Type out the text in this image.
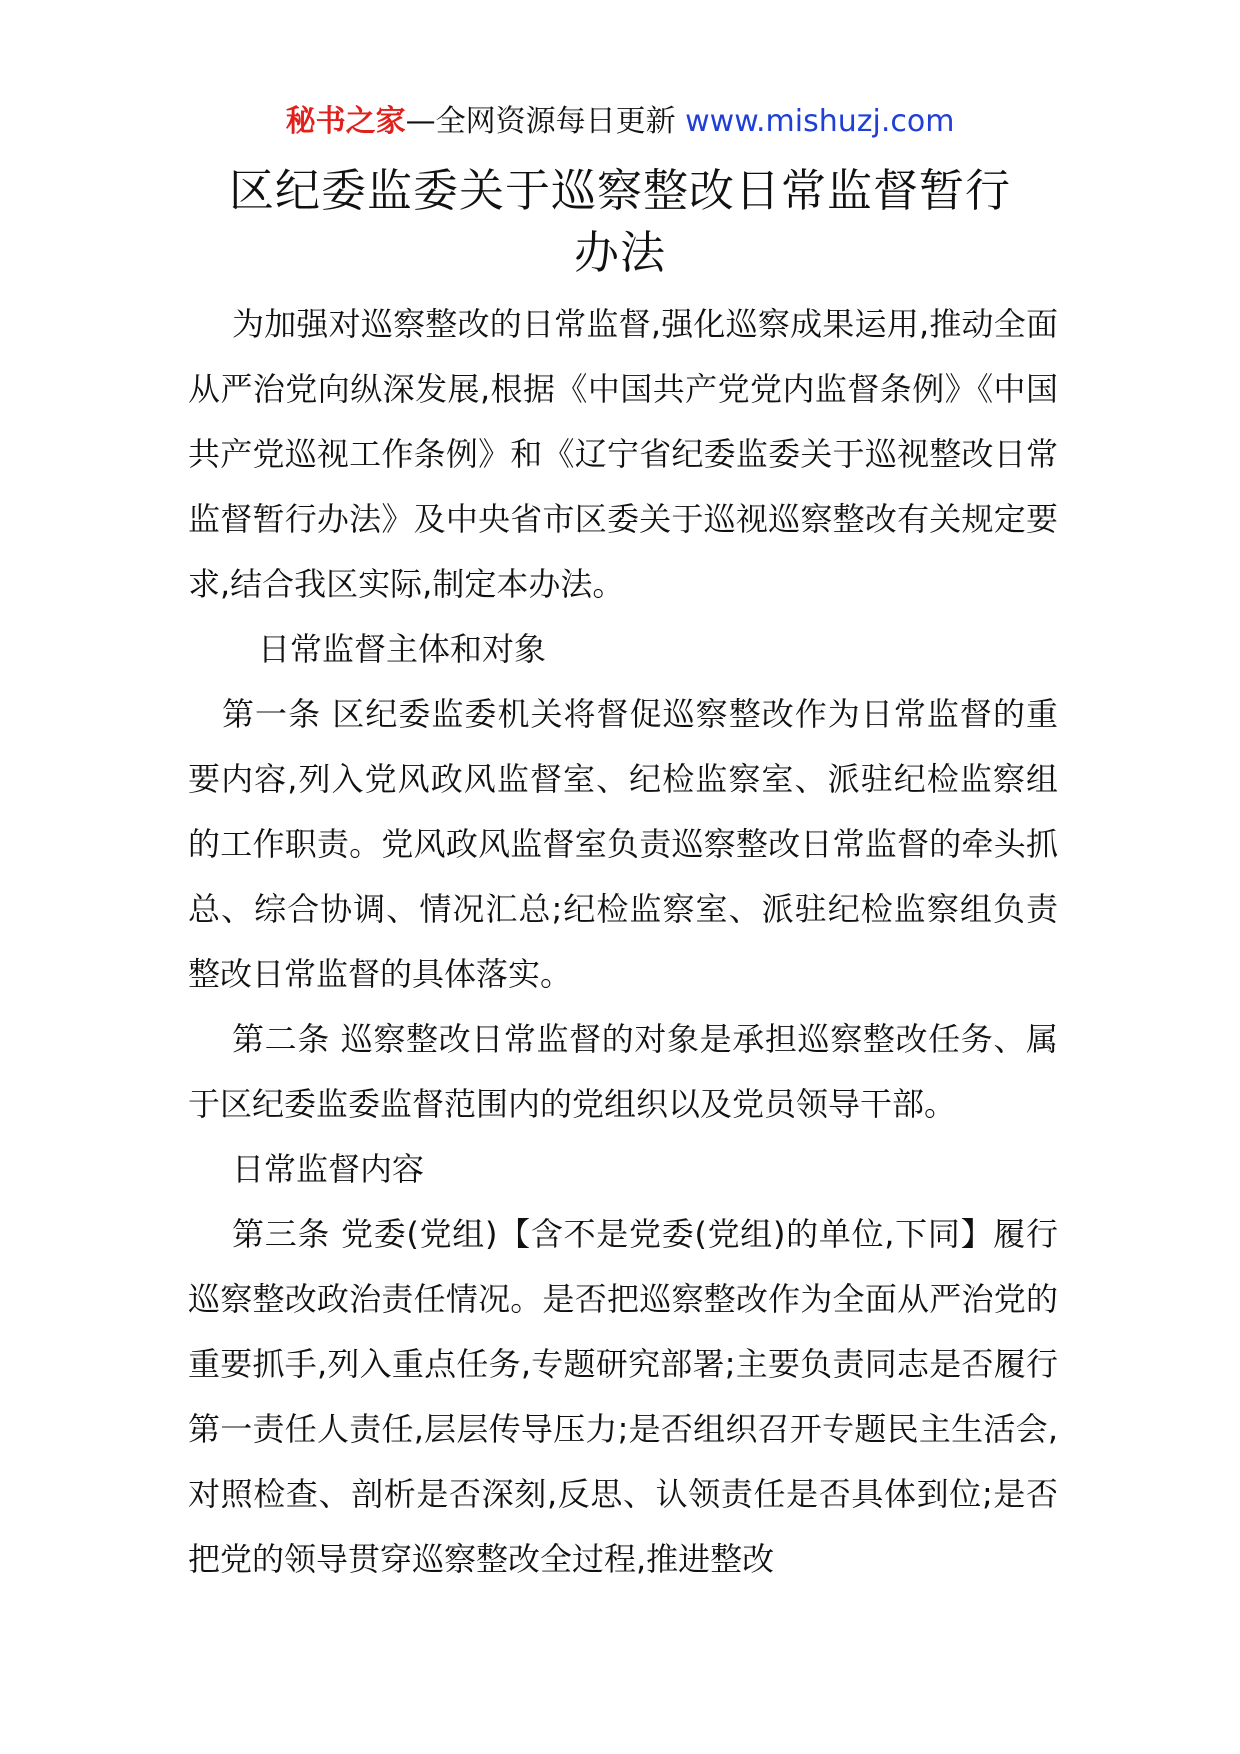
秘书之家—全网资源每日更新 www.mishuzj.com
区纪委监委关于巡察整改日常监督暂行
办法

为加强对巡察整改的日常监督,强化巡察成果运用,推动全面从严治党向纵深发展,根据《中国共产党党内监督条例》《中国共产党巡视工作条例》和《辽宁省纪委监委关于巡视整改日常监督暂行办法》及中央省市区委关于巡视巡察整改有关规定要求,结合我区实际,制定本办法。

日常监督主体和对象

第一条 区纪委监委机关将督促巡察整改作为日常监督的重要内容,列入党风政风监督室、纪检监察室、派驻纪检监察组的工作职责。党风政风监督室负责巡察整改日常监督的牵头抓总、综合协调、情况汇总;纪检监察室、派驻纪检监察组负责整改日常监督的具体落实。

第二条 巡察整改日常监督的对象是承担巡察整改任务、属于区纪委监委监督范围内的党组织以及党员领导干部。

日常监督内容

第三条 党委(党组)【含不是党委(党组)的单位,下同】履行巡察整改政治责任情况。是否把巡察整改作为全面从严治党的重要抓手,列入重点任务,专题研究部署;主要负责同志是否履行第一责任人责任,层层传导压力;是否组织召开专题民主生活会,对照检查、剖析是否深刻,反思、认领责任是否具体到位;是否把党的领导贯穿巡察整改全过程,推进整改
